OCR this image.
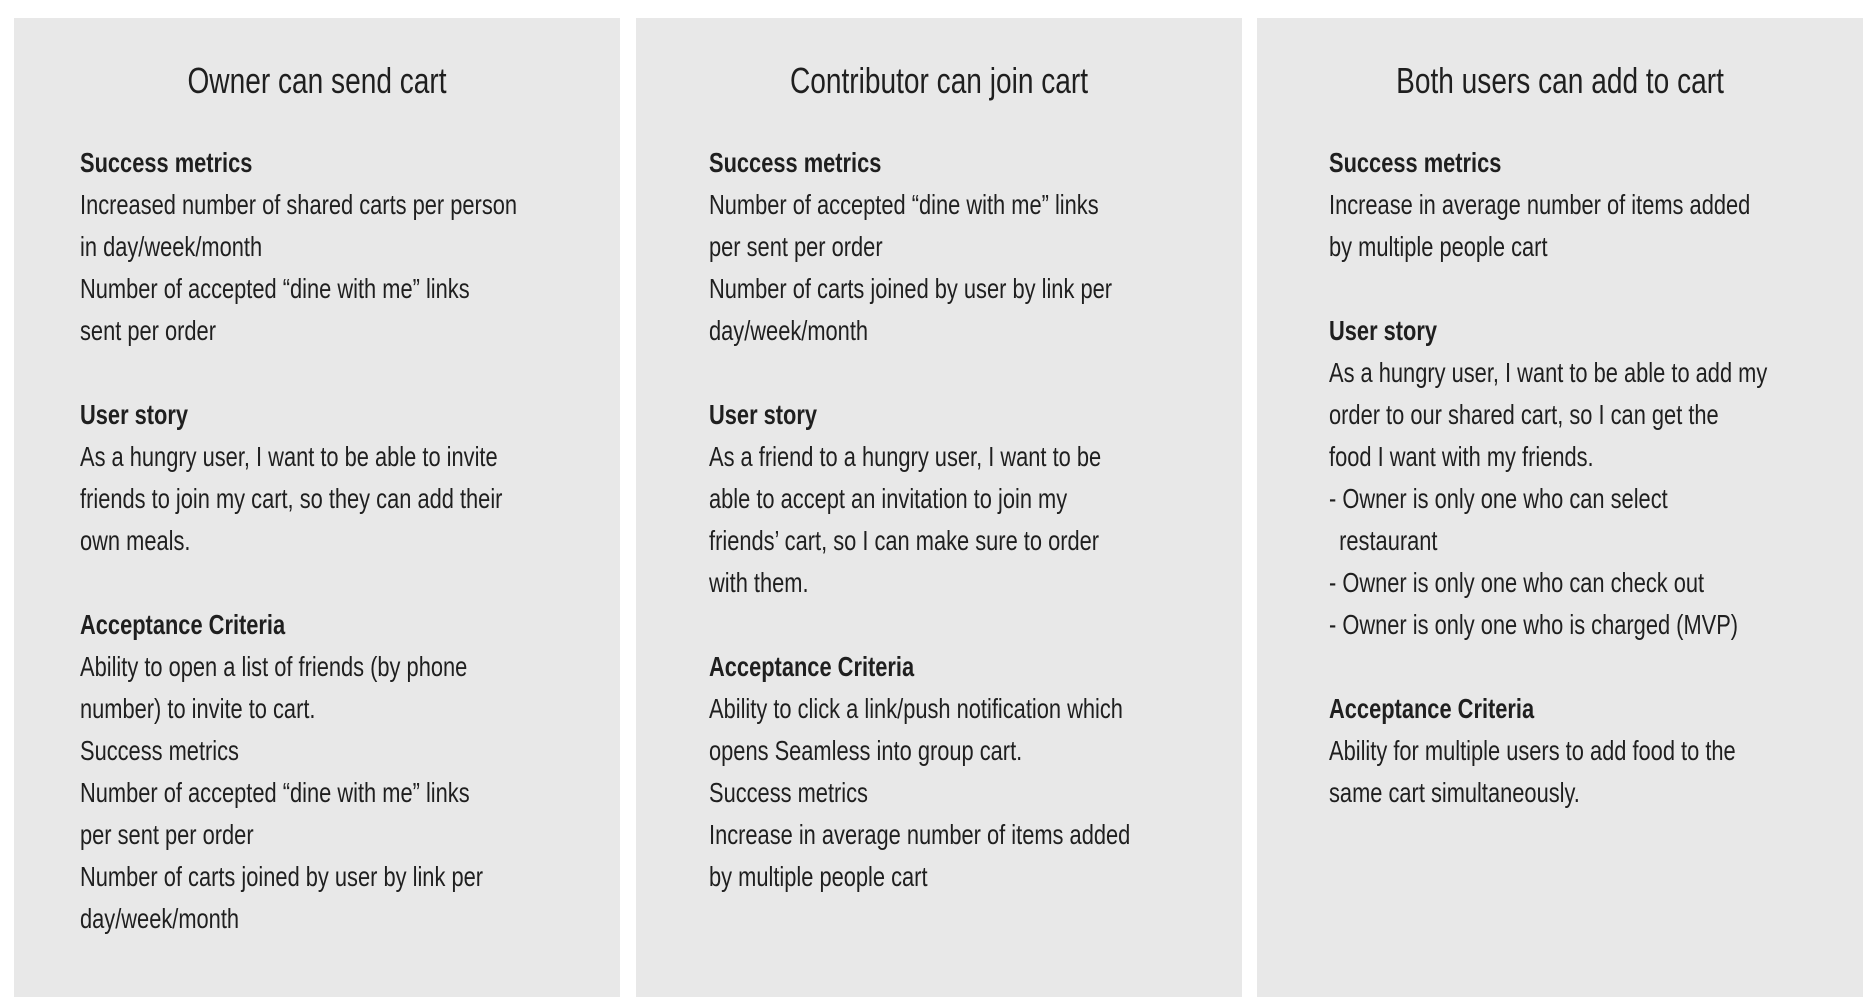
Owner can send cart
Success metrics
Increased number of shared carts per person
in day/week/month
Number of accepted “dine with me” links
sent per order
User story
As a hungry user, I want to be able to invite
friends to join my cart, so they can add their
own meals.
Acceptance Criteria
Ability to open a list of friends (by phone
number) to invite to cart.
Success metrics
Number of accepted “dine with me” links
per sent per order
Number of carts joined by user by link per
day/week/month
Contributor can join cart
Success metrics
Number of accepted “dine with me” links
per sent per order
Number of carts joined by user by link per
day/week/month
User story
As a friend to a hungry user, I want to be
able to accept an invitation to join my
friends’ cart, so I can make sure to order
with them.
Acceptance Criteria
Ability to click a link/push notification which
opens Seamless into group cart.
Success metrics
Increase in average number of items added
by multiple people cart
Both users can add to cart
Success metrics
Increase in average number of items added
by multiple people cart
User story
As a hungry user, I want to be able to add my
order to our shared cart, so I can get the
food I want with my friends.
- Owner is only one who can select
restaurant
- Owner is only one who can check out
- Owner is only one who is charged (MVP)
Acceptance Criteria
Ability for multiple users to add food to the
same cart simultaneously.
